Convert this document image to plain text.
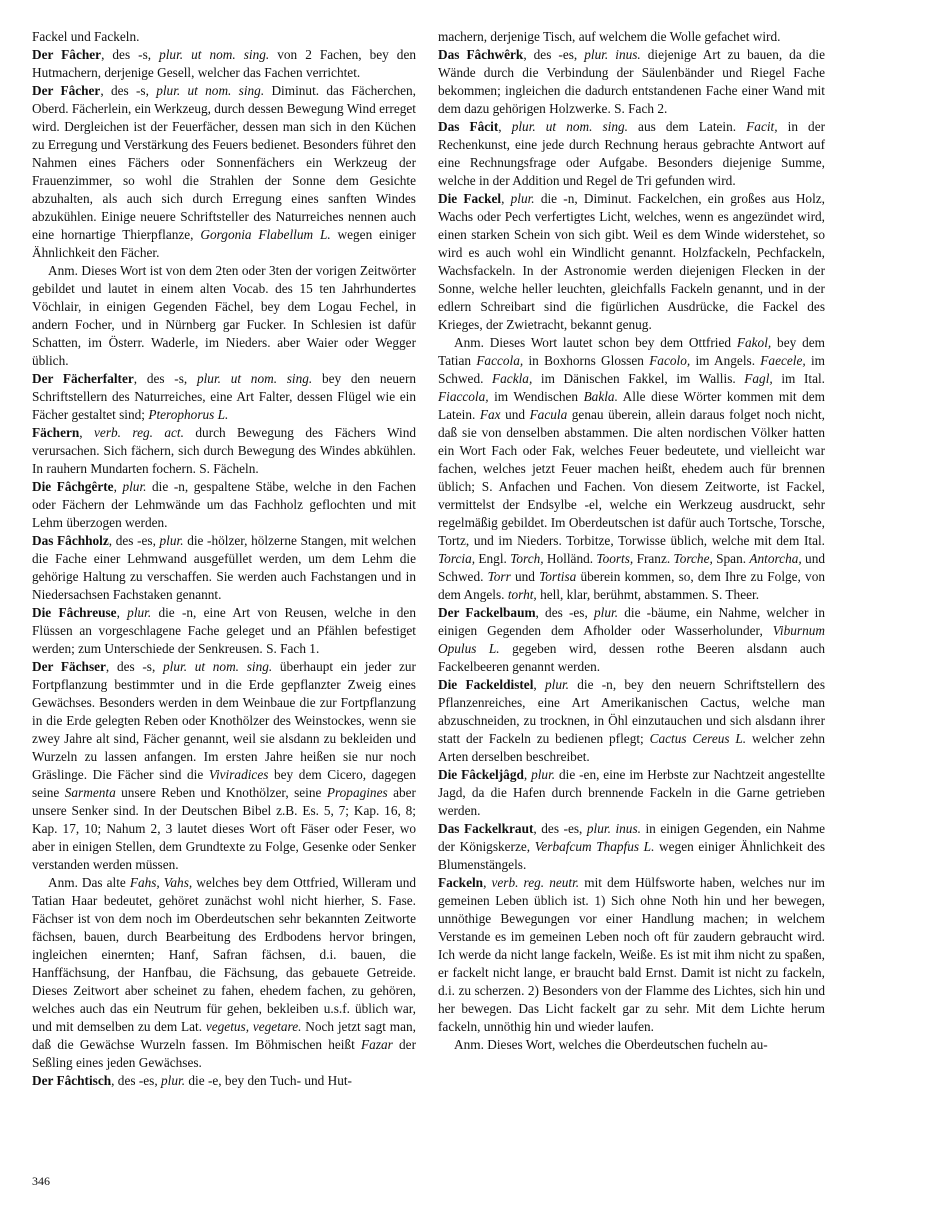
Fackel und Fackeln.

Der Fâcher, des -s, plur. ut nom. sing. von 2 Fachen, bey den Hutmachern, derjenige Gesell, welcher das Fachen verrichtet.

Der Fâcher, des -s, plur. ut nom. sing. Diminut. das Fächerchen, Oberd. Fächerlein, ein Werkzeug, durch dessen Bewegung Wind erreget wird. Dergleichen ist der Feuerfächer, dessen man sich in den Küchen zu Erregung und Verstärkung des Feuers bedienet. Besonders führet den Nahmen eines Fächers oder Sonnenfächers ein Werkzeug der Frauenzimmer, so wohl die Strahlen der Sonne dem Gesichte abzuhalten, als auch sich durch Erregung eines sanften Windes abzukühlen. Einige neuere Schriftsteller des Naturreiches nennen auch eine hornartige Thierpflanze, Gorgonia Flabellum L. wegen einiger Ähnlichkeit den Fächer.

Anm. Dieses Wort ist von dem 2ten oder 3ten der vorigen Zeitwörter gebildet und lautet in einem alten Vocab. des 15 ten Jahrhundertes Vöchlair, in einigen Gegenden Fächel, bey dem Logau Fechel, in andern Focher, und in Nürnberg gar Fucker. In Schlesien ist dafür Schatten, im Österr. Waderle, im Nieders. aber Waier oder Wegger üblich.

Der Fächerfalter, des -s, plur. ut nom. sing. bey den neuern Schriftstellern des Naturreiches, eine Art Falter, dessen Flügel wie ein Fächer gestaltet sind; Pterophorus L.

Fächern, verb. reg. act. durch Bewegung des Fächers Wind verursachen. Sich fächern, sich durch Bewegung des Windes abkühlen. In rauhern Mundarten fochern. S. Fächeln.

Die Fâchgêrte, plur. die -n, gespaltene Stäbe, welche in den Fachen oder Fächern der Lehmwände um das Fachholz geflochten und mit Lehm überzogen werden.

Das Fâchholz, des -es, plur. die -hölzer, hölzerne Stangen, mit welchen die Fache einer Lehmwand ausgefüllet werden, um dem Lehm die gehörige Haltung zu verschaffen. Sie werden auch Fachstangen und in Niedersachsen Fachstaken genannt.

Die Fâchreuse, plur. die -n, eine Art von Reusen, welche in den Flüssen an vorgeschlagene Fache geleget und an Pfählen befestiget werden; zum Unterschiede der Senkreusen. S. Fach 1.

Der Fächser, des -s, plur. ut nom. sing. überhaupt ein jeder zur Fortpflanzung bestimmter und in die Erde gepflanzter Zweig eines Gewächses. Besonders werden in dem Weinbaue die zur Fortpflanzung in die Erde gelegten Reben oder Knothölzer des Weinstockes, wenn sie zwey Jahre alt sind, Fächer genannt, weil sie alsdann zu bekleiden und Wurzeln zu lassen anfangen. Im ersten Jahre heißen sie nur noch Gräslinge. Die Fächer sind die Viviradices bey dem Cicero, dagegen seine Sarmenta unsere Reben und Knothölzer, seine Propagines aber unsere Senker sind. In der Deutschen Bibel z.B. Es. 5, 7; Kap. 16, 8; Kap. 17, 10; Nahum 2, 3 lautet dieses Wort oft Fäser oder Feser, wo aber in einigen Stellen, dem Grundtexte zu Folge, Gesenke oder Senker verstanden werden müssen.

Anm. Das alte Fahs, Vahs, welches bey dem Ottfried, Willeram und Tatian Haar bedeutet, gehöret zunächst wohl nicht hierher, S. Fase. Fächser ist von dem noch im Oberdeutschen sehr bekannten Zeitworte fächsen, bauen, durch Bearbeitung des Erdbodens hervor bringen, ingleichen einernten; Hanf, Safran fächsen, d.i. bauen, die Hanffächsung, der Hanfbau, die Fächsung, das gebauete Getreide. Dieses Zeitwort aber scheinet zu fahen, ehedem fachen, zu gehören, welches auch das ein Neutrum für gehen, bekleiben u.s.f. üblich war, und mit demselben zu dem Lat. vegetus, vegetare. Noch jetzt sagt man, daß die Gewächse Wurzeln fassen. Im Böhmischen heißt Fazar der Seßling eines jeden Gewächses.

Der Fâchtisch, des -es, plur. die -e, bey den Tuch- und Hut-

machern, derjenige Tisch, auf welchem die Wolle gefachet wird.

Das Fâchwêrk, des -es, plur. inus. diejenige Art zu bauen, da die Wände durch die Verbindung der Säulenbänder und Riegel Fache bekommen; ingleichen die dadurch entstandenen Fache einer Wand mit dem dazu gehörigen Holzwerke. S. Fach 2.

Das Fâcit, plur. ut nom. sing. aus dem Latein. Facit, in der Rechenkunst, eine jede durch Rechnung heraus gebrachte Antwort auf eine Rechnungsfrage oder Aufgabe. Besonders diejenige Summe, welche in der Addition und Regel de Tri gefunden wird.

Die Fackel, plur. die -n, Diminut. Fackelchen, ein großes aus Holz, Wachs oder Pech verfertigtes Licht, welches, wenn es angezündet wird, einen starken Schein von sich gibt. Weil es dem Winde widerstehet, so wird es auch wohl ein Windlicht genannt. Holzfackeln, Pechfackeln, Wachsfackeln. In der Astronomie werden diejenigen Flecken in der Sonne, welche heller leuchten, gleichfalls Fackeln genannt, und in der edlern Schreibart sind die figürlichen Ausdrücke, die Fackel des Krieges, der Zwietracht, bekannt genug.

Anm. Dieses Wort lautet schon bey dem Ottfried Fakol, bey dem Tatian Faccola, in Boxhorns Glossen Facolo, im Angels. Faecele, im Schwed. Fackla, im Dänischen Fakkel, im Wallis. Fagl, im Ital. Fiaccola, im Wendischen Bakla. Alle diese Wörter kommen mit dem Latein. Fax und Facula genau überein, allein daraus folget noch nicht, daß sie von denselben abstammen. Die alten nordischen Völker hatten ein Wort Fach oder Fak, welches Feuer bedeutete, und vielleicht war fachen, welches jetzt Feuer machen heißt, ehedem auch für brennen üblich; S. Anfachen und Fachen. Von diesem Zeitworte, ist Fackel, vermittelst der Endsylbe -el, welche ein Werkzeug ausdruckt, sehr regelmäßig gebildet. Im Oberdeutschen ist dafür auch Tortsche, Torsche, Tortz, und im Nieders. Torbitze, Torwisse üblich, welche mit dem Ital. Torcia, Engl. Torch, Holländ. Toorts, Franz. Torche, Span. Antorcha, und Schwed. Torr und Tortisa überein kommen, so, dem Ihre zu Folge, von dem Angels. torht, hell, klar, berühmt, abstammen. S. Theer.

Der Fackelbaum, des -es, plur. die -bäume, ein Nahme, welcher in einigen Gegenden dem Afholder oder Wasserholunder, Viburnum Opulus L. gegeben wird, dessen rothe Beeren alsdann auch Fackelbeeren genannt werden.

Die Fackeldistel, plur. die -n, bey den neuern Schriftstellern des Pflanzenreiches, eine Art Amerikanischen Cactus, welche man abzuschneiden, zu trocknen, in Öhl einzutauchen und sich alsdann ihrer statt der Fackeln zu bedienen pflegt; Cactus Cereus L. welcher zehn Arten derselben beschreibet.

Die Fâckeljâgd, plur. die -en, eine im Herbste zur Nachtzeit angestellte Jagd, da die Hafen durch brennende Fackeln in die Garne getrieben werden.

Das Fackelkraut, des -es, plur. inus. in einigen Gegenden, ein Nahme der Königskerze, Verbafcum Thapfus L. wegen einiger Ähnlichkeit des Blumenstängels.

Fackeln, verb. reg. neutr. mit dem Hülfsworte haben, welches nur im gemeinen Leben üblich ist. 1) Sich ohne Noth hin und her bewegen, unnöthige Bewegungen vor einer Handlung machen; in welchem Verstande es im gemeinen Leben noch oft für zaudern gebraucht wird. Ich werde da nicht lange fackeln, Weiße. Es ist mit ihm nicht zu spaßen, er fackelt nicht lange, er braucht bald Ernst. Damit ist nicht zu fackeln, d.i. zu scherzen. 2) Besonders von der Flamme des Lichtes, sich hin und her bewegen. Das Licht fackelt gar zu sehr. Mit dem Lichte herum fackeln, unnöthig hin und wieder laufen.

Anm. Dieses Wort, welches die Oberdeutschen fucheln au-

346
